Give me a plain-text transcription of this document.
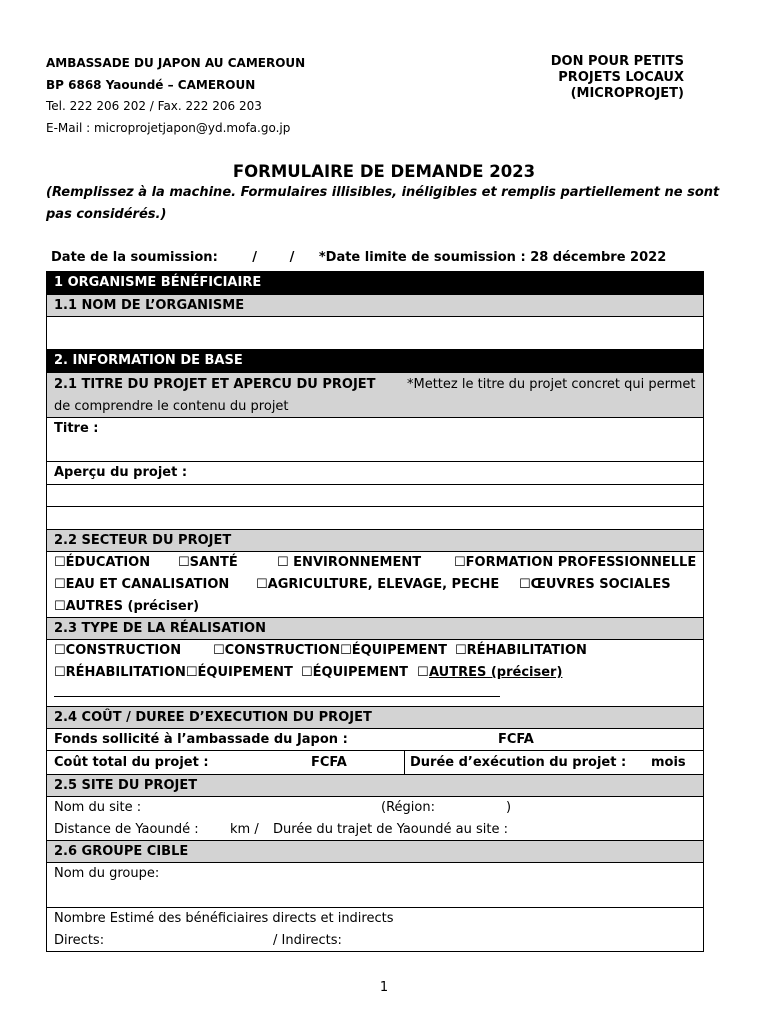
AMBASSADE DU JAPON AU CAMEROUN
BP 6868 Yaoundé – CAMEROUN
Tel. 222 206 202 / Fax. 222 206 203
E-Mail : microprojetjapon@yd.mofa.go.jp
DON POUR PETITS
PROJETS LOCAUX
(MICROPROJET)
FORMULAIRE DE DEMANDE 2023
(Remplissez à la machine. Formulaires illisibles, inéligibles et remplis partiellement ne sont pas considérés.)
Date de la soumission:	/	/ *Date limite de soumission : 28 décembre 2022
1 ORGANISME BÉNÉFICIAIRE
1.1 NOM DE L’ORGANISME
2. INFORMATION DE BASE
2.1 TITRE DU PROJET ET APERCU DU PROJET *Mettez le titre du projet concret qui permet
de comprendre le contenu du projet
Titre :
Aperçu du projet :
2.2 SECTEUR DU PROJET
☐ÉDUCATION ☐SANTÉ	☐ ENVIRONNEMENT	☐FORMATION PROFESSIONNELLE
☐EAU ET CANALISATION ☐AGRICULTURE, ELEVAGE, PECHE ☐ŒUVRES SOCIALES
☐AUTRES (préciser)
2.3 TYPE DE LA RÉALISATION
☐CONSTRUCTION ☐CONSTRUCTION☐ÉQUIPEMENT ☐RÉHABILITATION
☐RÉHABILITATION☐ÉQUIPEMENT ☐ÉQUIPEMENT ☐ AUTRES (préciser)
2.4 COÛT / DUREE D’EXECUTION DU PROJET
Fonds sollicité à l’ambassade du Japon :	FCFA
Coût total du projet :	FCFA	Durée d’exécution du projet : mois
2.5 SITE DU PROJET
Nom du site :	(Région:	)
Distance de Yaoundé : km / Durée du trajet de Yaoundé au site :
2.6 GROUPE CIBLE
Nom du groupe:
Nombre Estimé des bénéficiaires directs et indirects
Directs:	/ Indirects:
1
